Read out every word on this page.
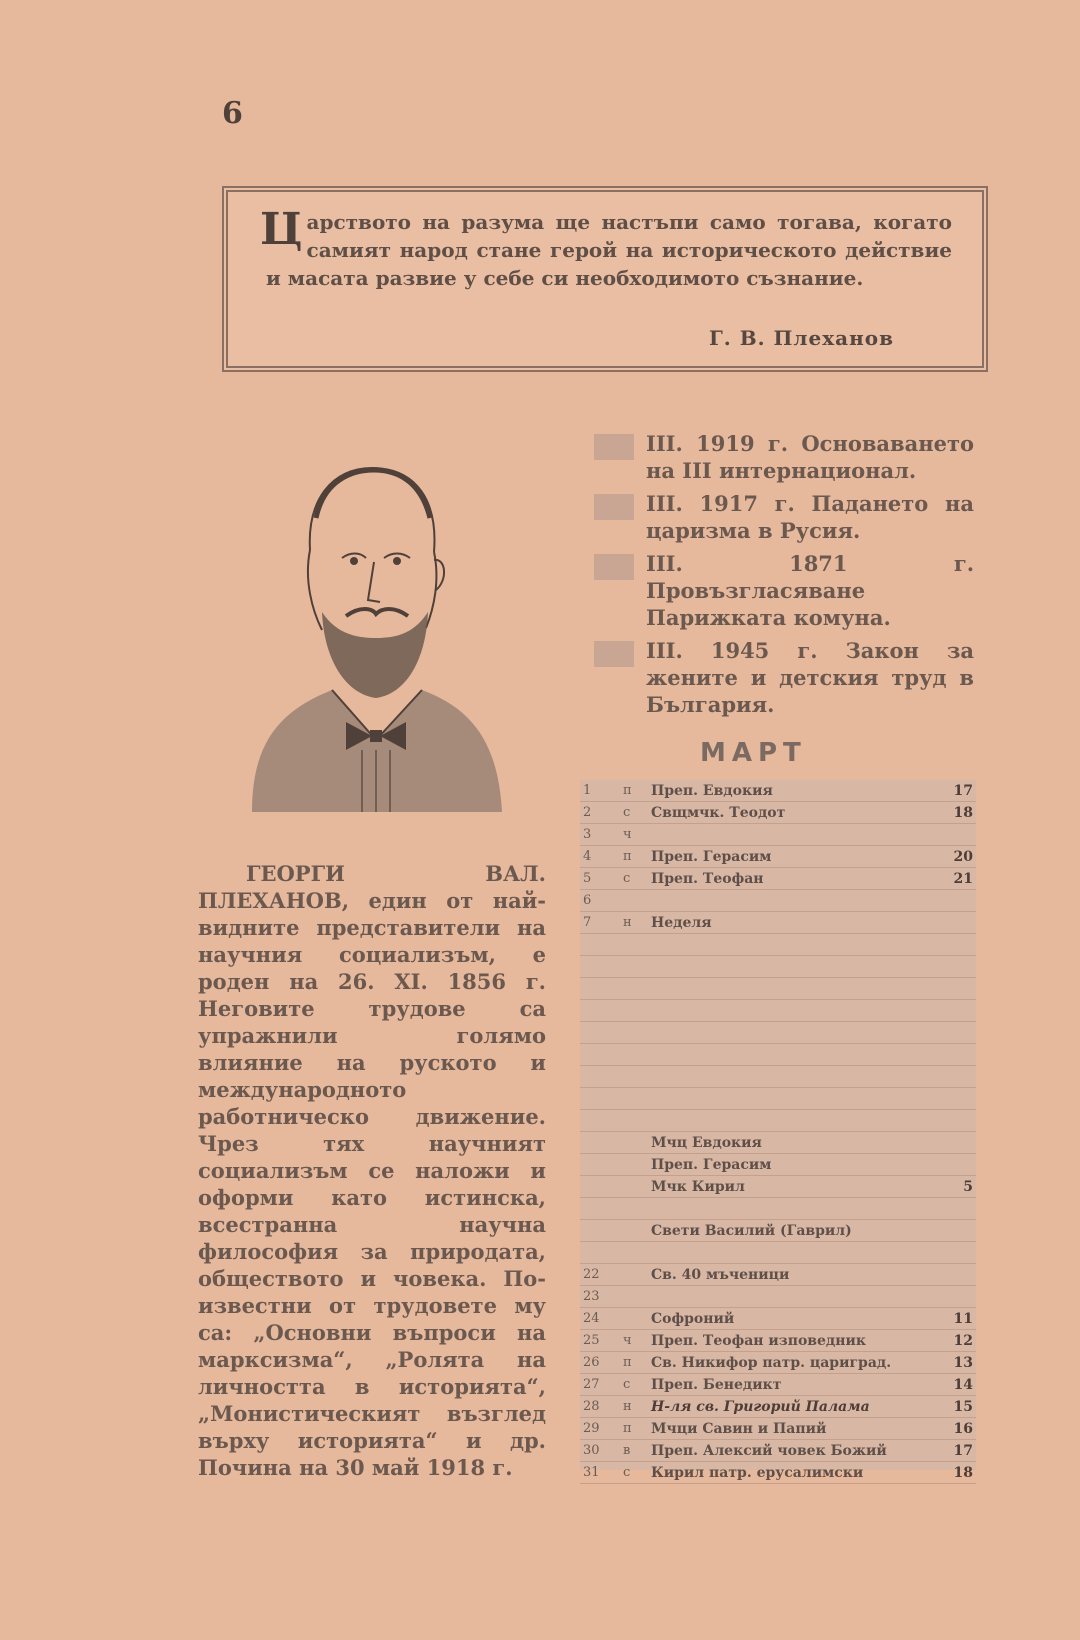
6

Царството на разума ще настъпи само тогава, когато самият народ стане герой на историческото действие и масата развие у себе си необходимото съзнание.

Г. В. Плеханов
III. 1919 г. Основаването на III интернационал.
III. 1917 г. Падането на царизма в Русия.
III. 1871 г. Провъзгласяване Парижката комуна.
III. 1945 г. Закон за жените и детския труд в България.
МАРТ
1	п	Преп. Евдокия	17
2	с	Свщмчк. Теодот	18
3	ч		
4	п	Преп. Герасим	20
5	с	Преп. Теофан	21
6			
7	н	Неделя	

		Мчц Евдокия	
		Преп. Герасим	
		Мчк Кирил	5

		Свети Василий (Гаврил)	

22		Св. 40 мъченици	
23			
24		Софроний	11
25	ч	Преп. Теофан изповедник	12
26	п	Св. Никифор патр. цариград.	13
27	с	Преп. Бенедикт	14
28	н	Н-ля св. Григорий Палама	15
29	п	Мчци Савин и Папий	16
30	в	Преп. Алексий човек Божий	17
31	с	Кирил патр. ерусалимски	18

ГЕОРГИ ВАЛ. ПЛЕХАНОВ, един от най-видните представители на научния социализъм, е роден на 26. XI. 1856 г. Неговите трудове са упражнили голямо влияние на руското и международното работническо движение. Чрез тях научният социализъм се наложи и оформи като истинска, всестранна научна философия за природата, обществото и човека. По-известни от трудовете му са: „Основни въпроси на марксизма“, „Ролята на личността в историята“, „Монистическият възглед върху историята“ и др. Почина на 30 май 1918 г.
